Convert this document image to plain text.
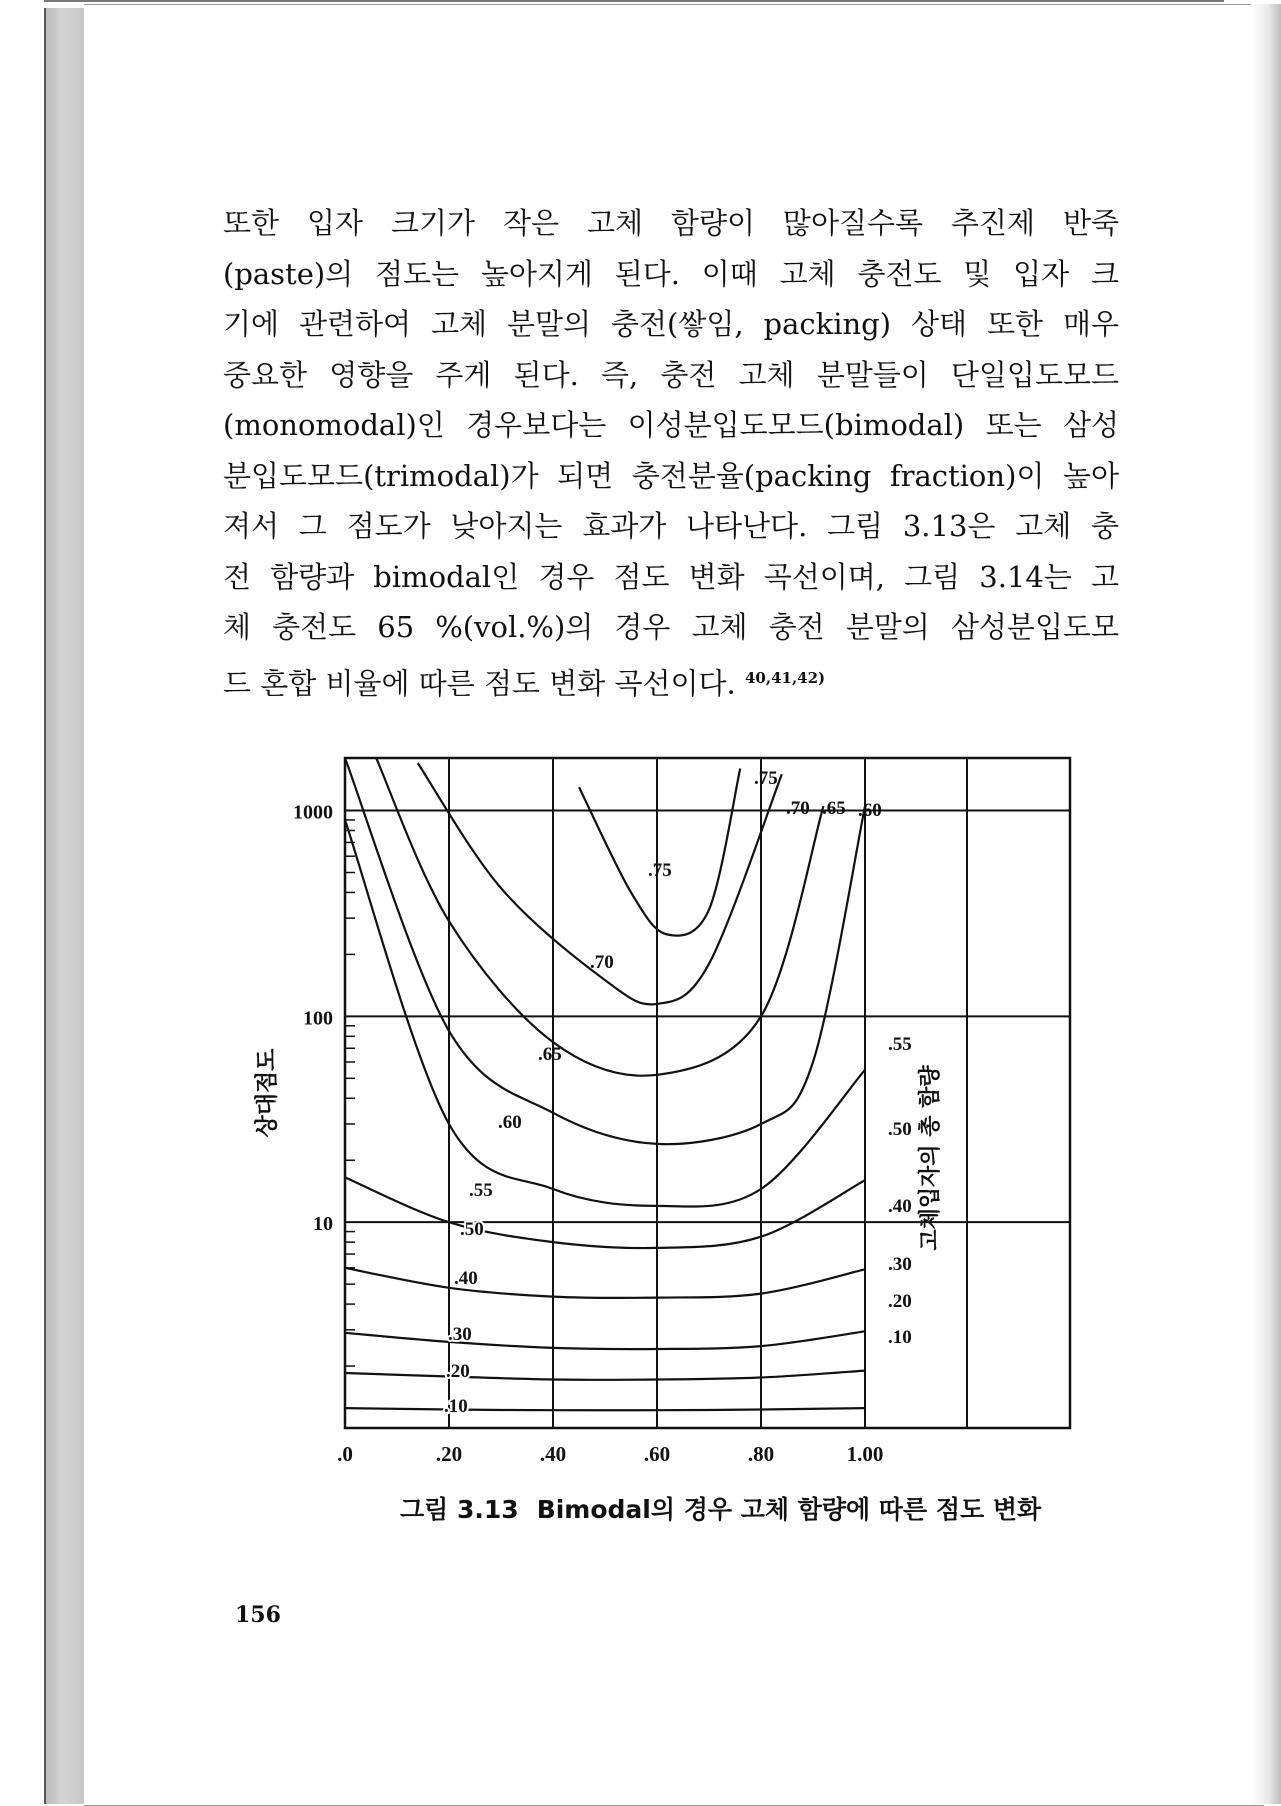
또한 입자 크기가 작은 고체 함량이 많아질수록 추진제 반죽

(paste)의 점도는 높아지게 된다. 이때 고체 충전도 및 입자 크

기에 관련하여 고체 분말의 충전(쌓임, packing) 상태 또한 매우

중요한 영향을 주게 된다. 즉, 충전 고체 분말들이 단일입도모드

(monomodal)인 경우보다는 이성분입도모드(bimodal) 또는 삼성

분입도모드(trimodal)가 되면 충전분율(packing fraction)이 높아

져서 그 점도가 낮아지는 효과가 나타난다. 그림 3.13은 고체 충

전 함량과 bimodal인 경우 점도 변화 곡선이며, 그림 3.14는 고

체 충전도 65 %(vol.%)의 경우 고체 충전 분말의 삼성분입도모

드 혼합 비율에 따른 점도 변화 곡선이다. $^{40,41,42)}$

10
100
1000
.0	.20	.40	.60	.80	1.00
상대점도	고체입자의 총 함량
.75
.70 .65 .60
.75
.70
.65
.60
.55
.55
.50
.40
.30
.20
.10
.50
.40
.30
.20
.10
그림 3.13 Bimodal의 경우 고체 함량에 따른 점도 변화
156
